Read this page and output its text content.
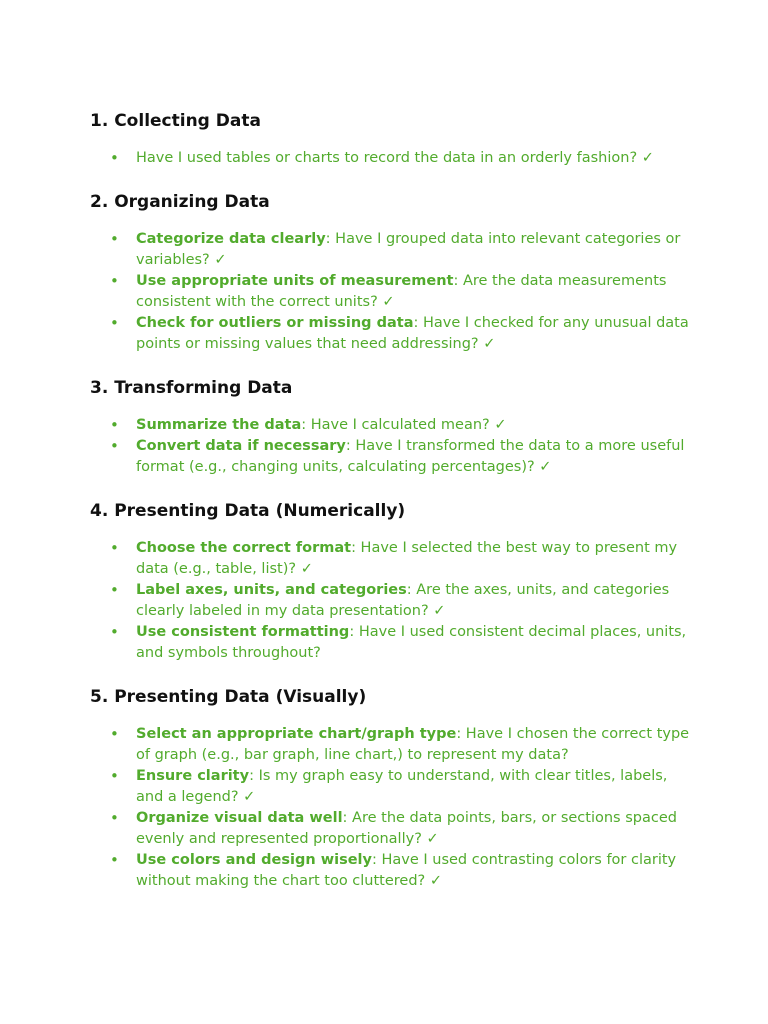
1. Collecting Data
• Have I used tables or charts to record the data in an orderly fashion? ✓
2. Organizing Data
• Categorize data clearly: Have I grouped data into relevant categories or variables? ✓
• Use appropriate units of measurement: Are the data measurements consistent with the correct units? ✓
• Check for outliers or missing data: Have I checked for any unusual data points or missing values that need addressing? ✓
3. Transforming Data
• Summarize the data: Have I calculated mean? ✓
• Convert data if necessary: Have I transformed the data to a more useful format (e.g., changing units, calculating percentages)? ✓
4. Presenting Data (Numerically)
• Choose the correct format: Have I selected the best way to present my data (e.g., table, list)? ✓
• Label axes, units, and categories: Are the axes, units, and categories clearly labeled in my data presentation? ✓
• Use consistent formatting: Have I used consistent decimal places, units, and symbols throughout?
5. Presenting Data (Visually)
• Select an appropriate chart/graph type: Have I chosen the correct type of graph (e.g., bar graph, line chart,) to represent my data?
• Ensure clarity: Is my graph easy to understand, with clear titles, labels, and a legend? ✓
• Organize visual data well: Are the data points, bars, or sections spaced evenly and represented proportionally? ✓
• Use colors and design wisely: Have I used contrasting colors for clarity without making the chart too cluttered? ✓
